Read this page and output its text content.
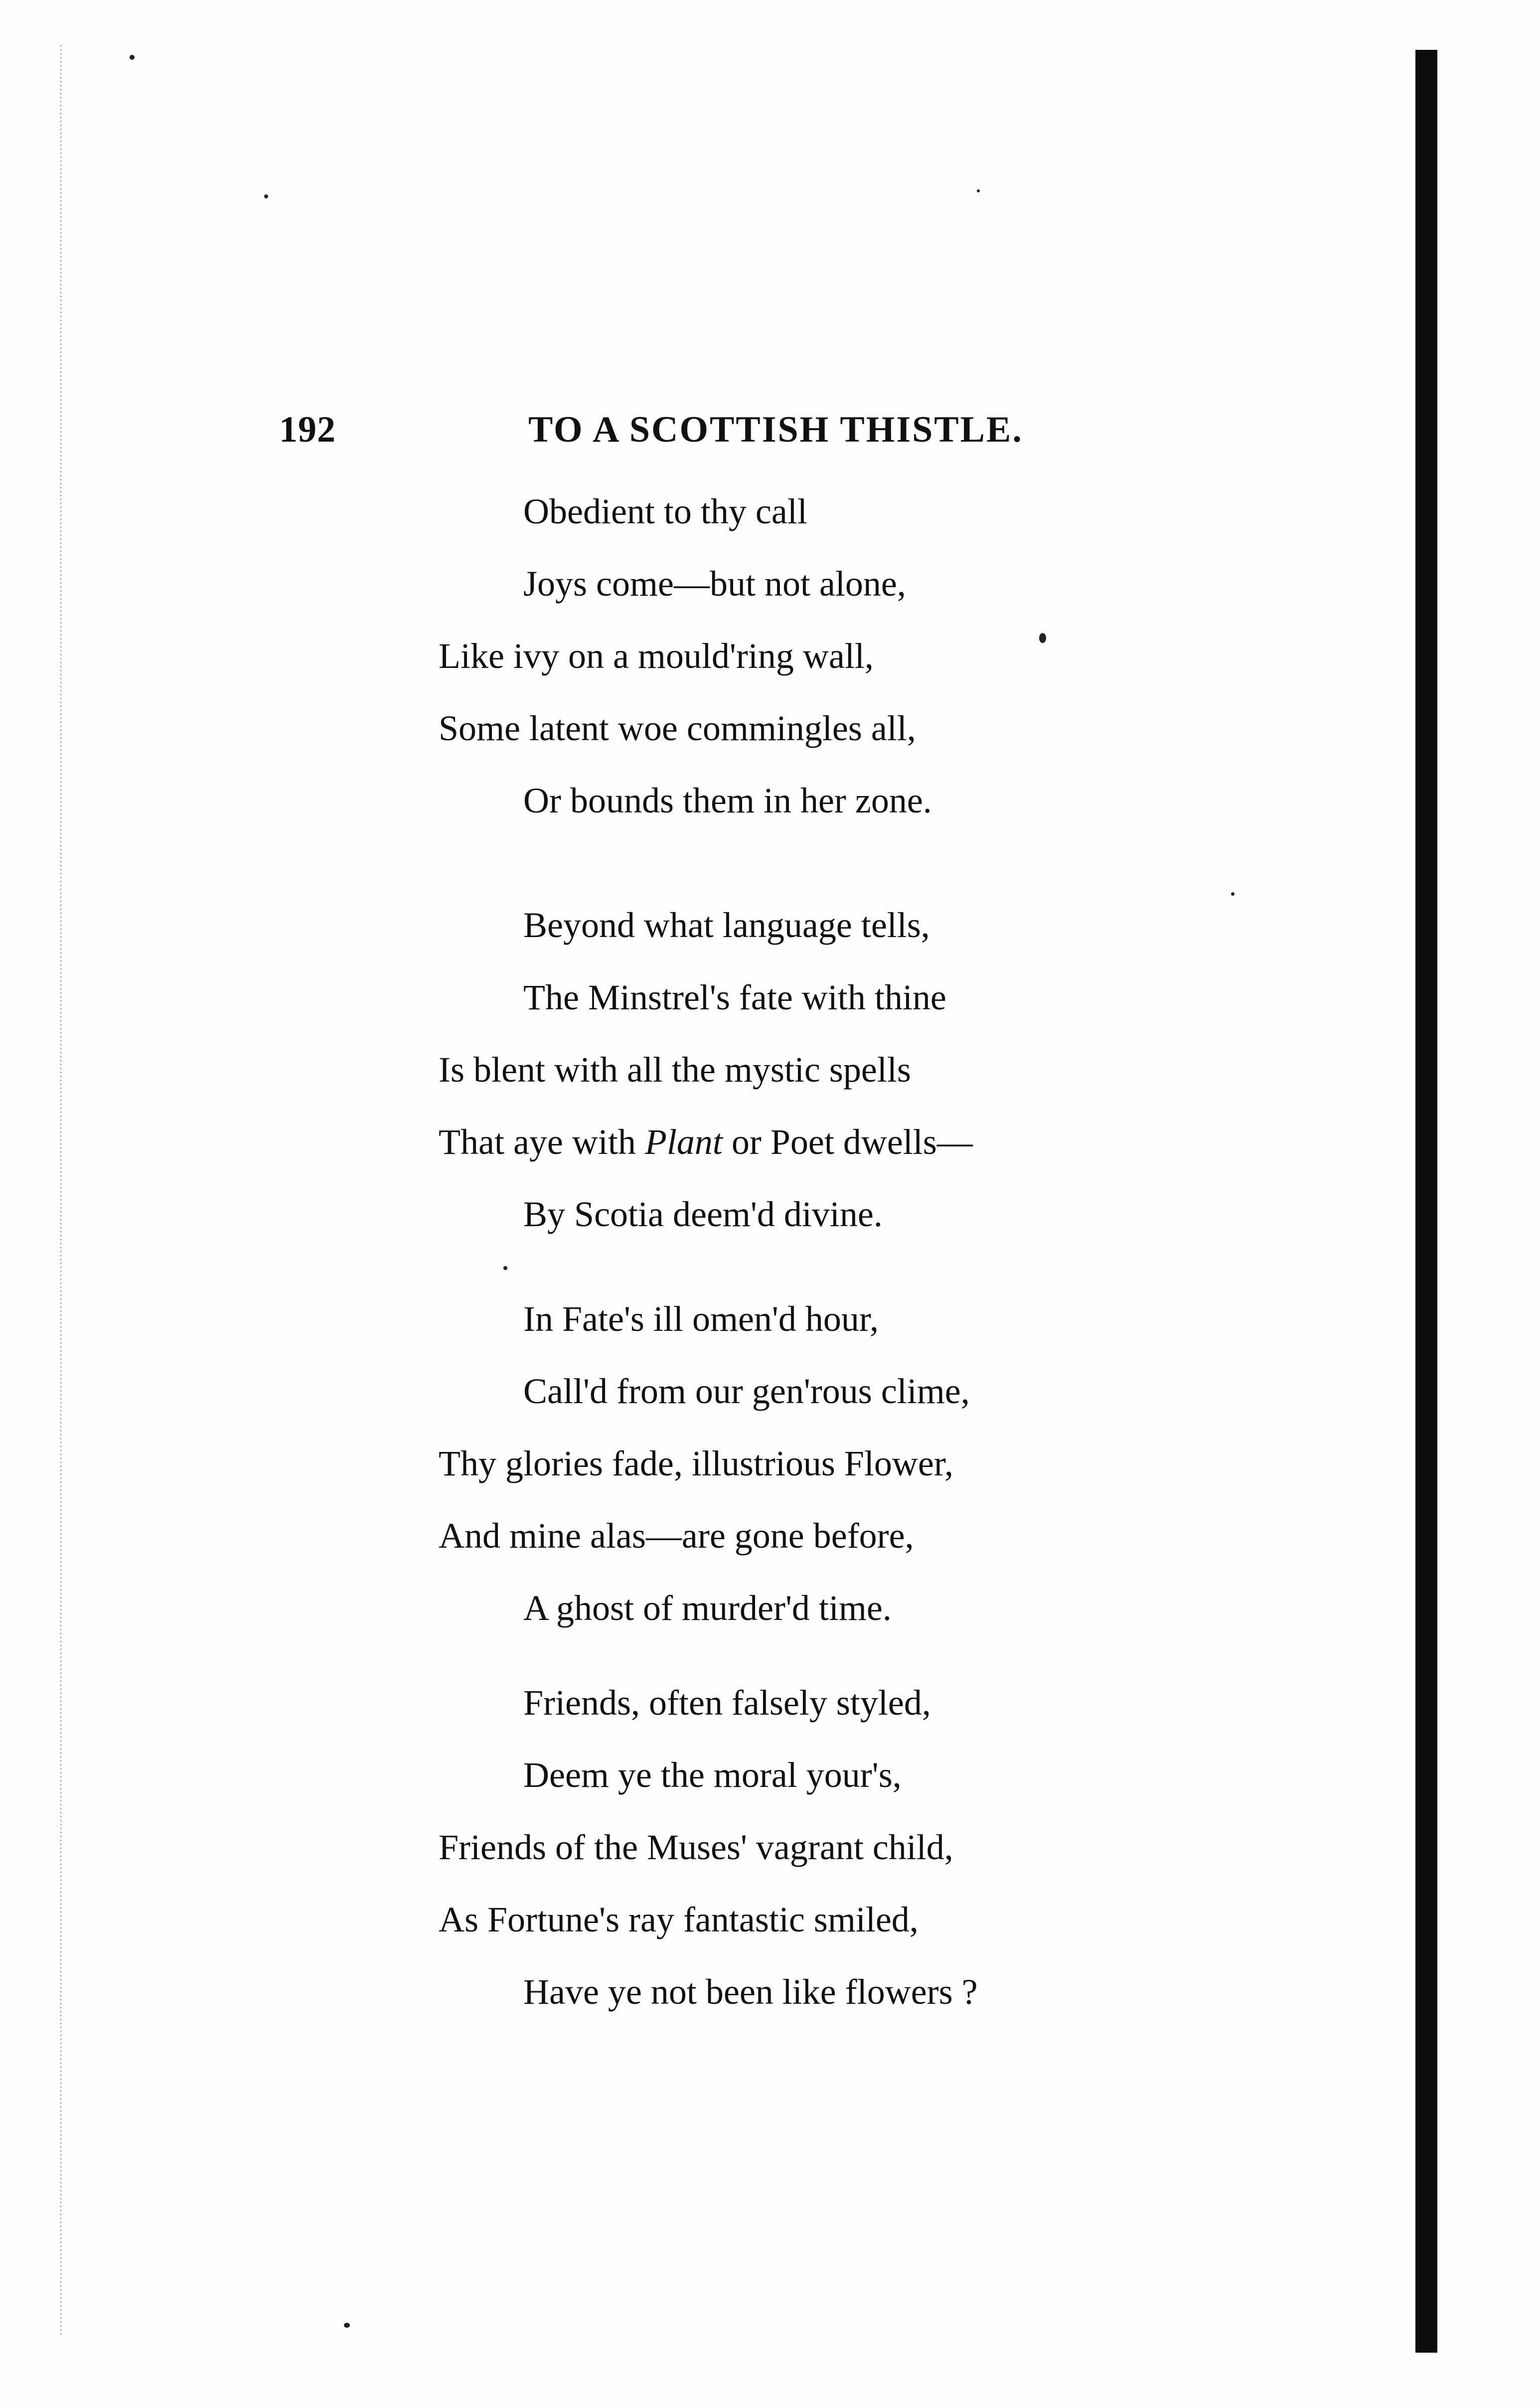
192	TO A SCOTTISH THISTLE.
Obedient to thy call
Joys come—but not alone,
Like ivy on a mould'ring wall,
Some latent woe commingles all,
Or bounds them in her zone.
Beyond what language tells,
The Minstrel's fate with thine
Is blent with all the mystic spells
That aye with Plant or Poet dwells—
By Scotia deem'd divine.
In Fate's ill omen'd hour,
Call'd from our gen'rous clime,
Thy glories fade, illustrious Flower,
And mine alas—are gone before,
A ghost of murder'd time.
Friends, often falsely styled,
Deem ye the moral your's,
Friends of the Muses' vagrant child,
As Fortune's ray fantastic smiled,
Have ye not been like flowers ?
